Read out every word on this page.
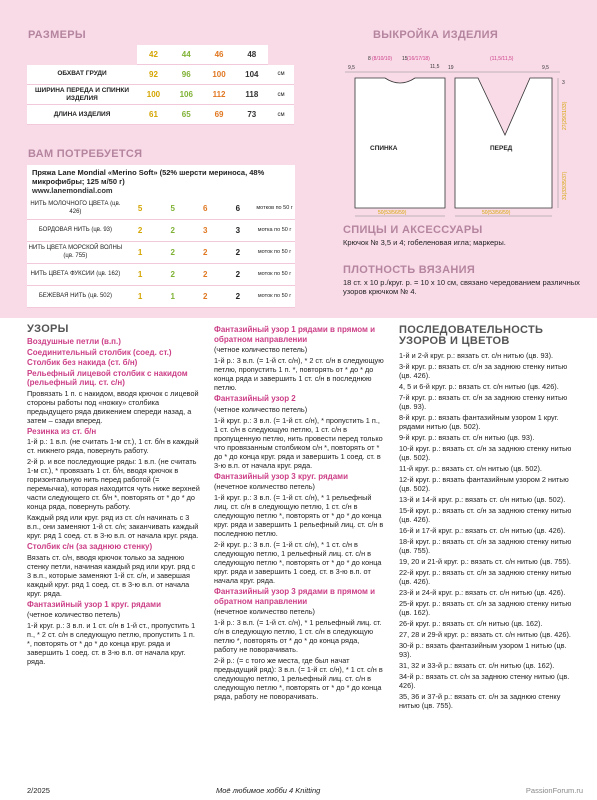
РАЗМЕРЫ
	42	44	46	48	
ОБХВАТ ГРУДИ	92	96	100	104	см
ШИРИНА ПЕРЕДА И СПИНКИ ИЗДЕЛИЯ	100	106	112	118	см
ДЛИНА ИЗДЕЛИЯ	61	65	69	73	см
ВАМ ПОТРЕБУЕТСЯ
Пряжа Lane Mondial «Merino Soft» (52% шерсти мериноса, 48% микрофибры; 125 м/50 г)
www.lanemondial.com
НИТЬ МОЛОЧНОГО ЦВЕТА (цв. 426)	5	5	6	6	мотков по 50 г
БОРДОВАЯ НИТЬ (цв. 93)	2	2	3	3	мотка по 50 г
НИТЬ ЦВЕТА МОРСКОЙ ВОЛНЫ (цв. 755)	1	2	2	2	моток по 50 г
НИТЬ ЦВЕТА ФУКСИИ (цв. 162)	1	2	2	2	моток по 50 г
БЕЖЕВАЯ НИТЬ (цв. 502)	1	1	2	2	моток по 50 г
ВЫКРОЙКА ИЗДЕЛИЯ
9,5
8 (8/10/10) 15 (16/17/18)
11,5 19
(11,5/11,5)
9,5
3
27(29/31/33)
31(33/35/37)
50(53/56/59)	50(53/56/59)
СПИНКА	ПЕРЕД
СПИЦЫ И АКСЕССУАРЫ
Крючок № 3,5 и 4; гобеленовая игла; маркеры.
ПЛОТНОСТЬ ВЯЗАНИЯ
18 ст. x 10 р./круг. р. = 10 x 10 см, связано чередованием различных узоров крючком № 4.
УЗОРЫ
Воздушные петли (в.п.)
Соединительный столбик (соед. ст.)
Столбик без накида (ст. б/н)
Рельефный лицевой столбик с накидом (рельефный лиц. ст. с/н)

Провязать 1 п. с накидом, вводя крючок с лицевой стороны работы под «ножку» столбика предыдущего ряда движением спереди назад, а затем – сзади вперед.

Резинка из ст. б/н

1-й р.: 1 в.п. (не считать 1-м ст.), 1 ст. б/н в каждый ст. нижнего ряда, повернуть работу.

2-й р. и все последующие ряды: 1 в.п. (не считать 1-м ст.), * провязать 1 ст. б/н, вводя крючок в горизонтальную нить перед работой (= перемычка), которая находится чуть ниже верхней части следующего ст. б/н *, повторять от * до * до конца ряда, повернуть работу.

Каждый ряд или круг. ряд из ст. с/н начинать с 3 в.п., они заменяют 1-й ст. с/н; заканчивать каждый круг. ряд 1 соед. ст. в 3-ю в.п. от начала круг. ряда.

Столбик с/н (за заднюю стенку)

Вязать ст. с/н, вводя крючок только за заднюю стенку петли, начиная каждый ряд или круг. ряд с 3 в.п., которые заменяют 1-й ст. с/н, и завершая каждый круг. ряд 1 соед. ст. в 3-ю в.п. от начала круг. ряда.

Фантазийный узор 1 круг. рядами

(четное количество петель)

1-й круг. р.: 3 в.п. и 1 ст. с/н в 1-й ст., пропустить 1 п., * 2 ст. с/н в следующую петлю, пропустить 1 п. *, повторять от * до * до конца круг. ряда и завершить 1 соед. ст. в 3-ю в.п. от начала круг. ряда.

Фантазийный узор 1 рядами в прямом и обратном направлении

(четное количество петель)

1-й р.: 3 в.п. (= 1-й ст. с/н), * 2 ст. с/н в следующую петлю, пропустить 1 п. *, повторять от * до * до конца ряда и завершить 1 ст. с/н в последнюю петлю.

Фантазийный узор 2

(четное количество петель)

1-й круг. р.: 3 в.п. (= 1-й ст. с/н), * пропустить 1 п., 1 ст. с/н в следующую петлю, 1 ст. с/н в пропущенную петлю, нить провести перед только что провязанным столбиком с/н *, повторять от * до * до конца круг. ряда и завершить 1 соед. ст. в 3-ю в.п. от начала круг. ряда.

Фантазийный узор 3 круг. рядами

(нечетное количество петель)

1-й круг. р.: 3 в.п. (= 1-й ст. с/н), * 1 рельефный лиц. ст. с/н в следующую петлю, 1 ст. с/н в следующую петлю *, повторять от * до * до конца круг. ряда и завершить 1 рельефный лиц. ст. с/н в последнюю петлю.

2-й круг. р.: 3 в.п. (= 1-й ст. с/н), * 1 ст. с/н в следующую петлю, 1 рельефный лиц. ст. с/н в следующую петлю *, повторять от * до * до конца круг. ряда и завершить 1 соед. ст. в 3-ю в.п. от начала круг. ряда.

Фантазийный узор 3 рядами в прямом и обратном направлении

(нечетное количество петель)

1-й р.: 3 в.п. (= 1-й ст. с/н), * 1 рельефный лиц. ст. с/н в следующую петлю, 1 ст. с/н в следующую петлю *, повторять от * до * до конца ряда, работу не поворачивать.

2-й р.: (= с того же места, где был начат предыдущий ряд): 3 в.п. (= 1-й ст. с/н), * 1 ст. с/н в следующую петлю, 1 рельефный лиц. ст. с/н в следующую петлю *, повторять от * до * до конца ряда, работу не поворачивать.

ПОСЛЕДОВАТЕЛЬНОСТЬ УЗОРОВ И ЦВЕТОВ

1-й и 2-й круг. р.: вязать ст. с/н нитью (цв. 93).

3-й круг. р.: вязать ст. с/н за заднюю стенку нитью (цв. 426).

4, 5 и 6-й круг. р.: вязать ст. с/н нитью (цв. 426).

7-й круг. р.: вязать ст. с/н за заднюю стенку нитью (цв. 93).

8-й круг. р.: вязать фантазийным узором 1 круг. рядами нитью (цв. 502).

9-й круг. р.: вязать ст. с/н нитью (цв. 93).

10-й круг. р.: вязать ст. с/н за заднюю стенку нитью (цв. 502).

11-й круг. р.: вязать ст. с/н нитью (цв. 502).

12-й круг. р.: вязать фантазийным узором 2 нитью (цв. 502).

13-й и 14-й круг. р.: вязать ст. с/н нитью (цв. 502).

15-й круг. р.: вязать ст. с/н за заднюю стенку нитью (цв. 426).

16-й и 17-й круг. р.: вязать ст. с/н нитью (цв. 426).

18-й круг. р.: вязать ст. с/н за заднюю стенку нитью (цв. 755).

19, 20 и 21-й круг. р.: вязать ст. с/н нитью (цв. 755).

22-й круг. р.: вязать ст. с/н за заднюю стенку нитью (цв. 426).

23-й и 24-й круг. р.: вязать ст. с/н нитью (цв. 426).

25-й круг. р.: вязать ст. с/н за заднюю стенку нитью (цв. 162).

26-й круг. р.: вязать ст. с/н нитью (цв. 162).

27, 28 и 29-й круг. р.: вязать ст. с/н нитью (цв. 426).

30-й р.: вязать фантазийным узором 1 нитью (цв. 93).

31, 32 и 33-й р.: вязать ст. с/н нитью (цв. 162).

34-й р.: вязать ст. с/н за заднюю стенку нитью (цв. 426).

35, 36 и 37-й р.: вязать ст. с/н за заднюю стенку нитью (цв. 755).

2/2025	Моё любимое хобби 4 Knitting	PassionForum.ru
